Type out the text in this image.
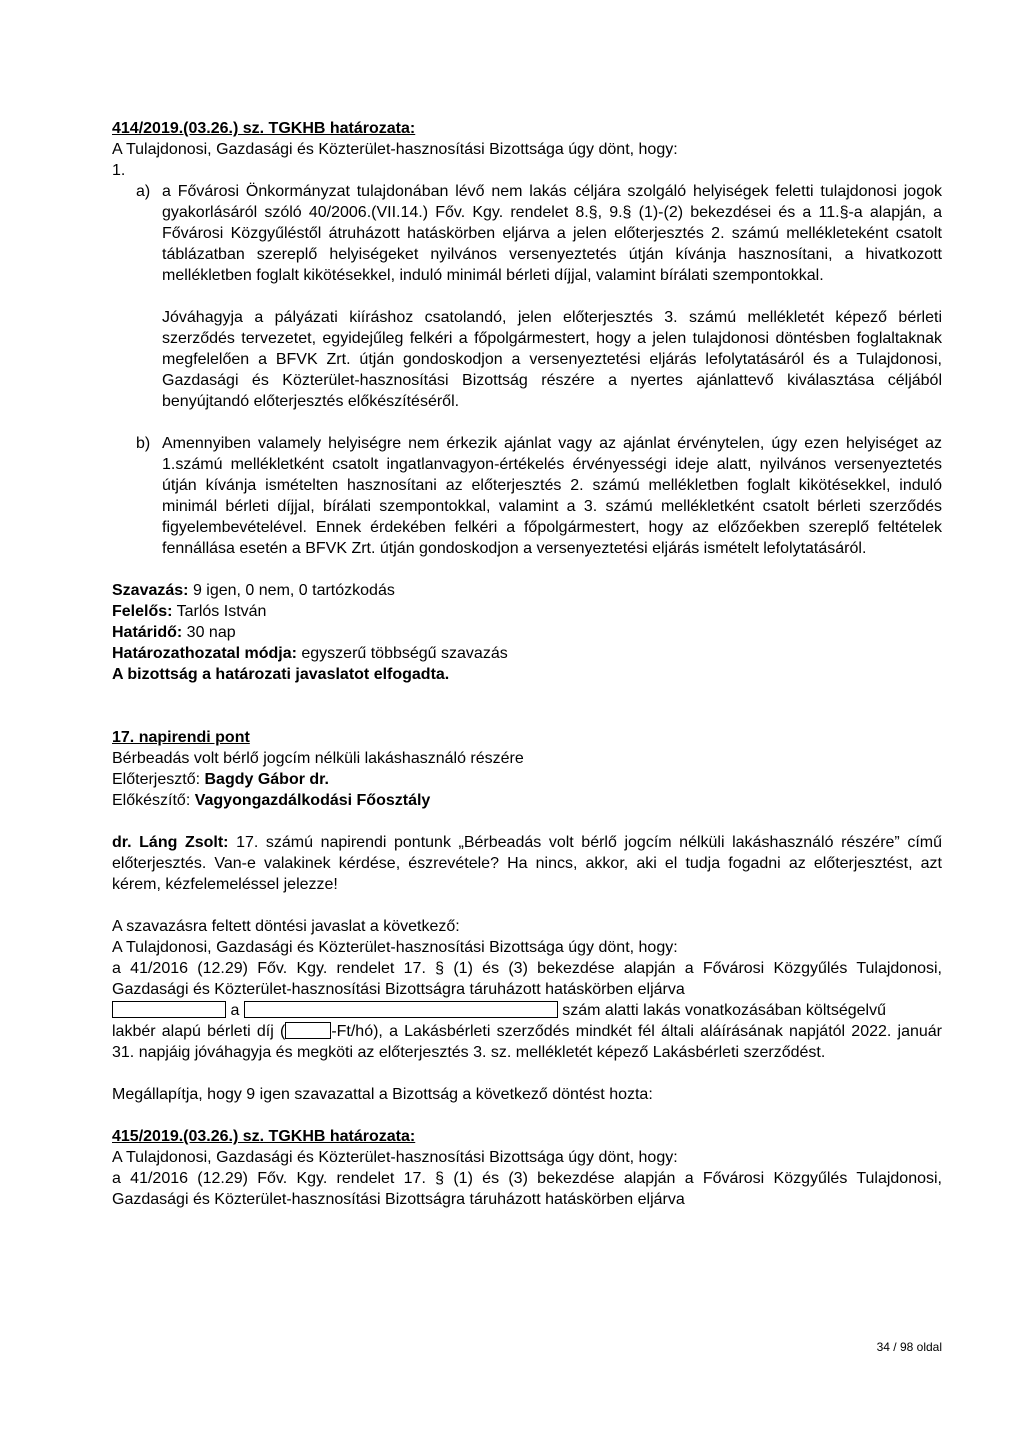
414/2019.(03.26.) sz. TGKHB határozata:
A Tulajdonosi, Gazdasági és Közterület-hasznosítási Bizottsága úgy dönt, hogy:
1.
a) a Fővárosi Önkormányzat tulajdonában lévő nem lakás céljára szolgáló helyiségek feletti tulajdonosi jogok gyakorlásáról szóló 40/2006.(VII.14.) Főv. Kgy. rendelet 8.§, 9.§ (1)-(2) bekezdései és a 11.§-a alapján, a Fővárosi Közgyűléstől átruházott hatáskörben eljárva a jelen előterjesztés 2. számú mellékleteként csatolt táblázatban szereplő helyiségeket nyilvános versenyeztetés útján kívánja hasznosítani, a hivatkozott mellékletben foglalt kikötésekkel, induló minimál bérleti díjjal, valamint bírálati szempontokkal.
Jóváhagyja a pályázati kiíráshoz csatolandó, jelen előterjesztés 3. számú mellékletét képező bérleti szerződés tervezetet, egyidejűleg felkéri a főpolgármestert, hogy a jelen tulajdonosi döntésben foglaltaknak megfelelően a BFVK Zrt. útján gondoskodjon a versenyeztetési eljárás lefolytatásáról és a Tulajdonosi, Gazdasági és Közterület-hasznosítási Bizottság részére a nyertes ajánlattevő kiválasztása céljából benyújtandó előterjesztés előkészítéséről.
b) Amennyiben valamely helyiségre nem érkezik ajánlat vagy az ajánlat érvénytelen, úgy ezen helyiséget az 1.számú mellékletként csatolt ingatlanvagyon-értékelés érvényességi ideje alatt, nyilvános versenyeztetés útján kívánja ismételten hasznosítani az előterjesztés 2. számú mellékletben foglalt kikötésekkel, induló minimál bérleti díjjal, bírálati szempontokkal, valamint a 3. számú mellékletként csatolt bérleti szerződés figyelembevételével. Ennek érdekében felkéri a főpolgármestert, hogy az előzőekben szereplő feltételek fennállása esetén a BFVK Zrt. útján gondoskodjon a versenyeztetési eljárás ismételt lefolytatásáról.
Szavazás: 9 igen, 0 nem, 0 tartózkodás
Felelős: Tarlós István
Határidő: 30 nap
Határozathozatal módja: egyszerű többségű szavazás
A bizottság a határozati javaslatot elfogadta.
17. napirendi pont
Bérbeadás volt bérlő jogcím nélküli lakáshasználó részére
Előterjesztő: Bagdy Gábor dr.
Előkészítő: Vagyongazdálkodási Főosztály
dr. Láng Zsolt: 17. számú napirendi pontunk „Bérbeadás volt bérlő jogcím nélküli lakáshasználó részére” című előterjesztés. Van-e valakinek kérdése, észrevétele? Ha nincs, akkor, aki el tudja fogadni az előterjesztést, azt kérem, kézfelemeléssel jelezze!
A szavazásra feltett döntési javaslat a következő:
A Tulajdonosi, Gazdasági és Közterület-hasznosítási Bizottsága úgy dönt, hogy:
a 41/2016 (12.29) Főv. Kgy. rendelet 17. § (1) és (3) bekezdése alapján a Fővárosi Közgyűlés Tulajdonosi, Gazdasági és Közterület-hasznosítási Bizottságra táruházott hatáskörben eljárva
a	szám alatti lakás vonatkozásában költségelvű
lakbér alapú bérleti díj (	-Ft/hó), a Lakásbérleti szerződés mindkét fél általi aláírásának napjától 2022. január 31. napjáig jóváhagyja és megköti az előterjesztés 3. sz. mellékletét képező Lakásbérleti szerződést.
Megállapítja, hogy 9 igen szavazattal a Bizottság a következő döntést hozta:
415/2019.(03.26.) sz. TGKHB határozata:
A Tulajdonosi, Gazdasági és Közterület-hasznosítási Bizottsága úgy dönt, hogy:
a 41/2016 (12.29) Főv. Kgy. rendelet 17. § (1) és (3) bekezdése alapján a Fővárosi Közgyűlés Tulajdonosi, Gazdasági és Közterület-hasznosítási Bizottságra táruházott hatáskörben eljárva
34 / 98 oldal
